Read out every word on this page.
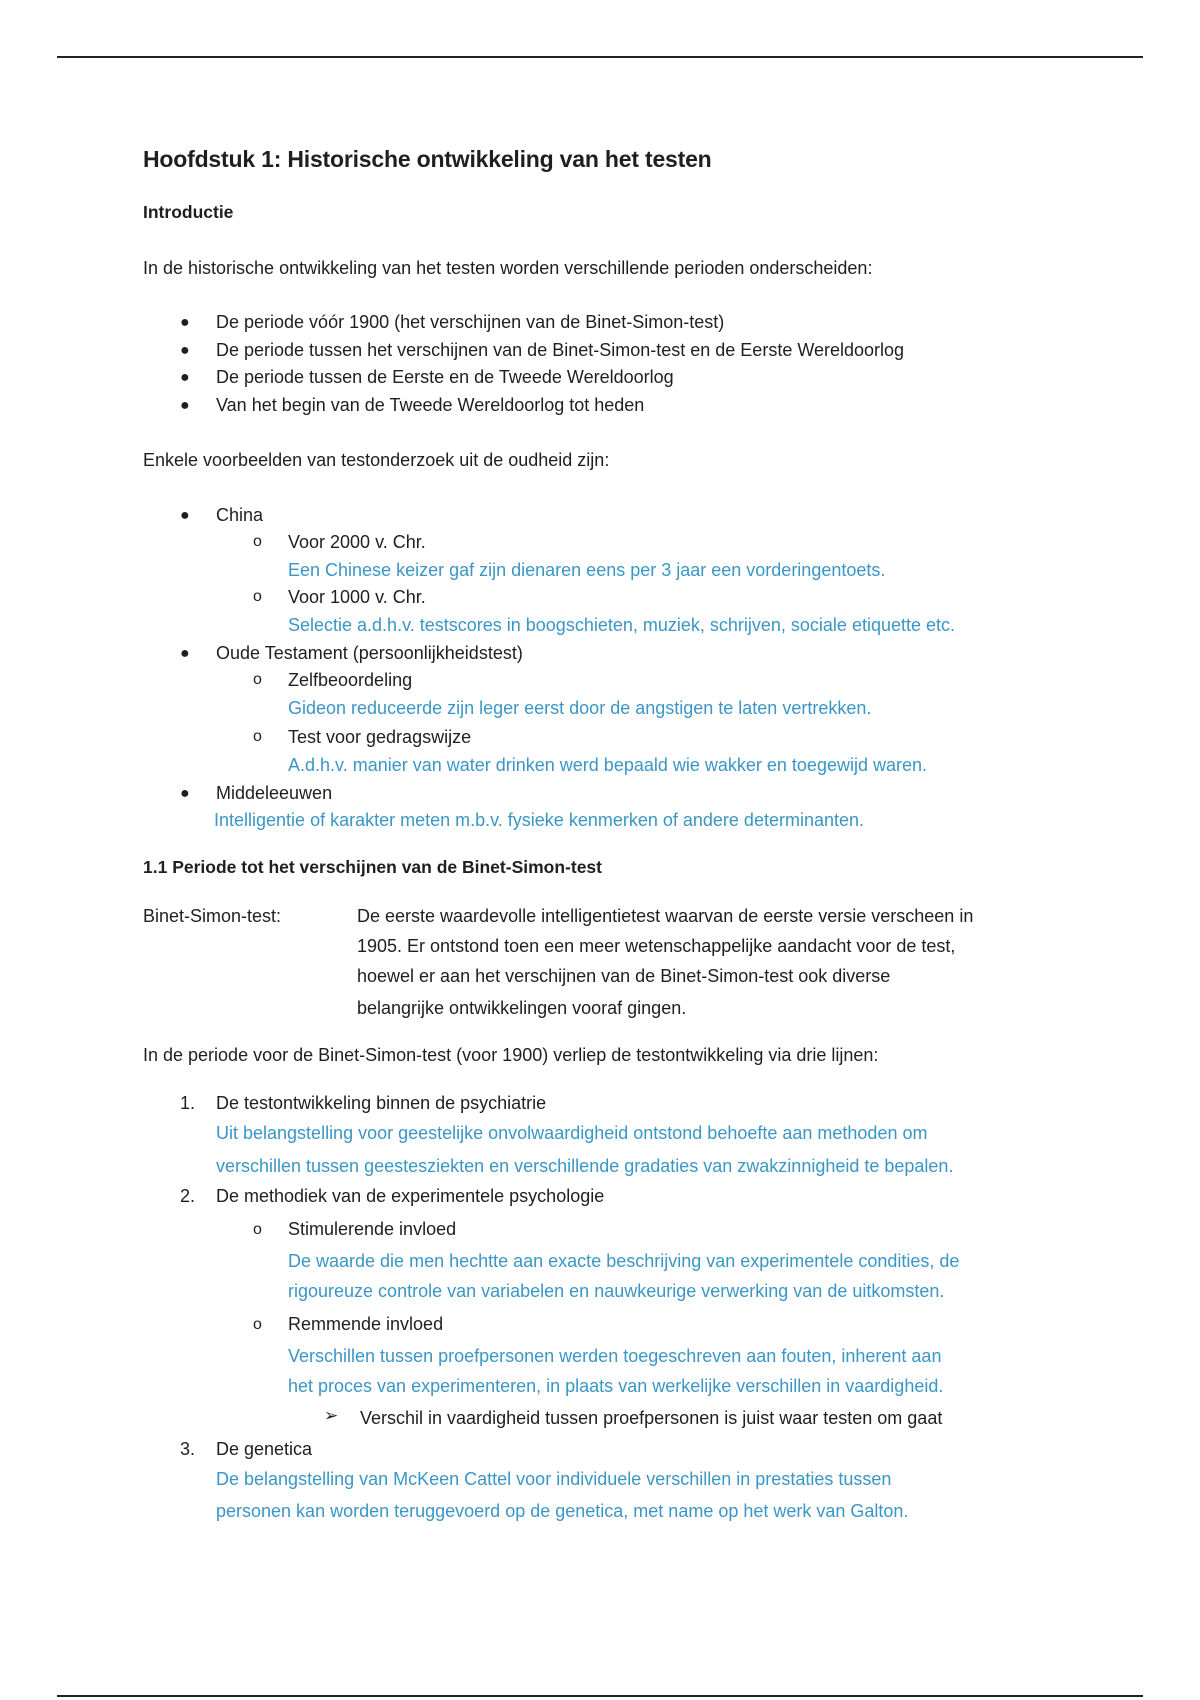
Hoofdstuk 1: Historische ontwikkeling van het testen
Introductie
In de historische ontwikkeling van het testen worden verschillende perioden onderscheiden:
● De periode vóór 1900 (het verschijnen van de Binet-Simon-test)
● De periode tussen het verschijnen van de Binet-Simon-test en de Eerste Wereldoorlog
● De periode tussen de Eerste en de Tweede Wereldoorlog
● Van het begin van de Tweede Wereldoorlog tot heden
Enkele voorbeelden van testonderzoek uit de oudheid zijn:
● China
o Voor 2000 v. Chr.
Een Chinese keizer gaf zijn dienaren eens per 3 jaar een vorderingentoets.
o Voor 1000 v. Chr.
Selectie a.d.h.v. testscores in boogschieten, muziek, schrijven, sociale etiquette etc.
● Oude Testament (persoonlijkheidstest)
o Zelfbeoordeling
Gideon reduceerde zijn leger eerst door de angstigen te laten vertrekken.
o Test voor gedragswijze
A.d.h.v. manier van water drinken werd bepaald wie wakker en toegewijd waren.
● Middeleeuwen
Intelligentie of karakter meten m.b.v. fysieke kenmerken of andere determinanten.
1.1 Periode tot het verschijnen van de Binet-Simon-test
Binet-Simon-test:	De eerste waardevolle intelligentietest waarvan de eerste versie verscheen in
1905. Er ontstond toen een meer wetenschappelijke aandacht voor de test,
hoewel er aan het verschijnen van de Binet-Simon-test ook diverse
belangrijke ontwikkelingen vooraf gingen.
In de periode voor de Binet-Simon-test (voor 1900) verliep de testontwikkeling via drie lijnen:
1. De testontwikkeling binnen de psychiatrie
Uit belangstelling voor geestelijke onvolwaardigheid ontstond behoefte aan methoden om
verschillen tussen geestesziekten en verschillende gradaties van zwakzinnigheid te bepalen.
2. De methodiek van de experimentele psychologie
o Stimulerende invloed
De waarde die men hechtte aan exacte beschrijving van experimentele condities, de
rigoureuze controle van variabelen en nauwkeurige verwerking van de uitkomsten.
o Remmende invloed
Verschillen tussen proefpersonen werden toegeschreven aan fouten, inherent aan
het proces van experimenteren, in plaats van werkelijke verschillen in vaardigheid.
➢ Verschil in vaardigheid tussen proefpersonen is juist waar testen om gaat
3. De genetica
De belangstelling van McKeen Cattel voor individuele verschillen in prestaties tussen
personen kan worden teruggevoerd op de genetica, met name op het werk van Galton.
